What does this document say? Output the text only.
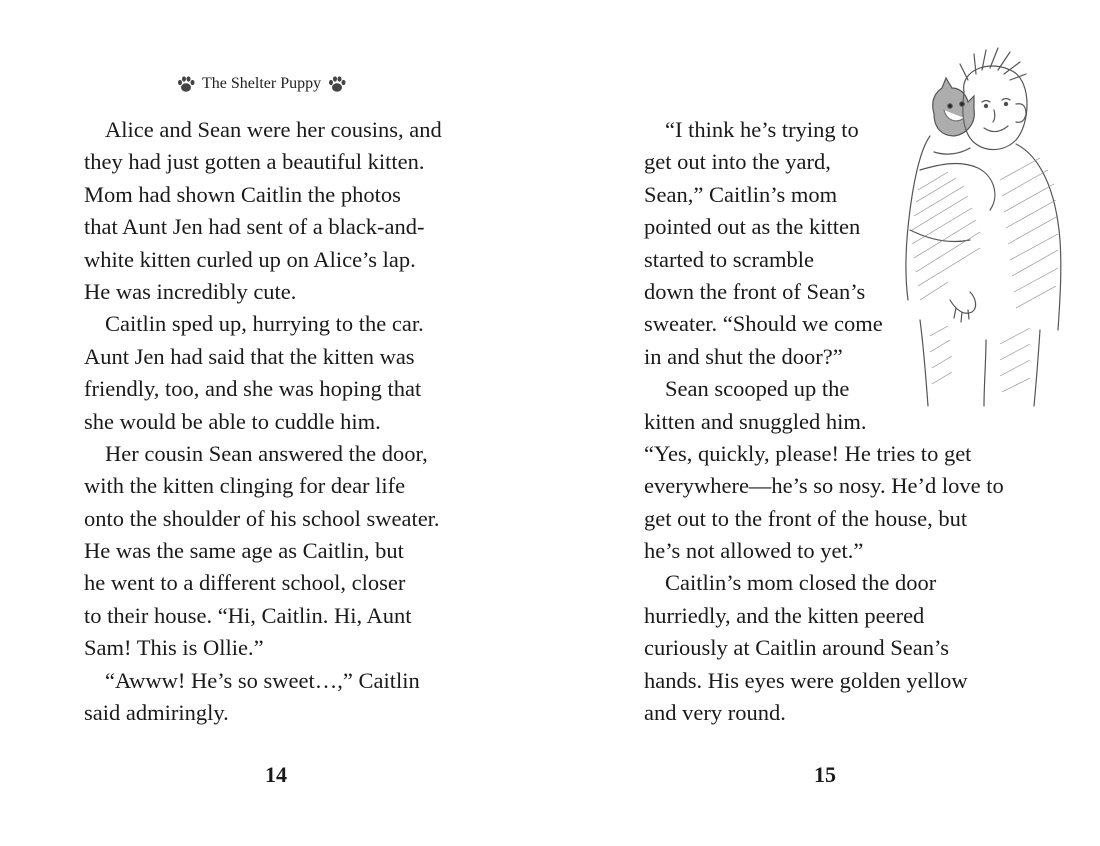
The Shelter Puppy
Alice and Sean were her cousins, and
they had just gotten a beautiful kitten.
Mom had shown Caitlin the photos
that Aunt Jen had sent of a black-and-
white kitten curled up on Alice’s lap.
He was incredibly cute.
Caitlin sped up, hurrying to the car.
Aunt Jen had said that the kitten was
friendly, too, and she was hoping that
she would be able to cuddle him.
Her cousin Sean answered the door,
with the kitten clinging for dear life
onto the shoulder of his school sweater.
He was the same age as Caitlin, but
he went to a different school, closer
to their house. “Hi, Caitlin. Hi, Aunt
Sam! This is Ollie.”
“Awww! He’s so sweet…,” Caitlin
said admiringly.
14
“I think he’s trying to
get out into the yard,
Sean,” Caitlin’s mom
pointed out as the kitten
started to scramble
down the front of Sean’s
sweater. “Should we come
in and shut the door?”
Sean scooped up the
kitten and snuggled him.
“Yes, quickly, please! He tries to get
everywhere—he’s so nosy. He’d love to
get out to the front of the house, but
he’s not allowed to yet.”
Caitlin’s mom closed the door
hurriedly, and the kitten peered
curiously at Caitlin around Sean’s
hands. His eyes were golden yellow
and very round.
15
